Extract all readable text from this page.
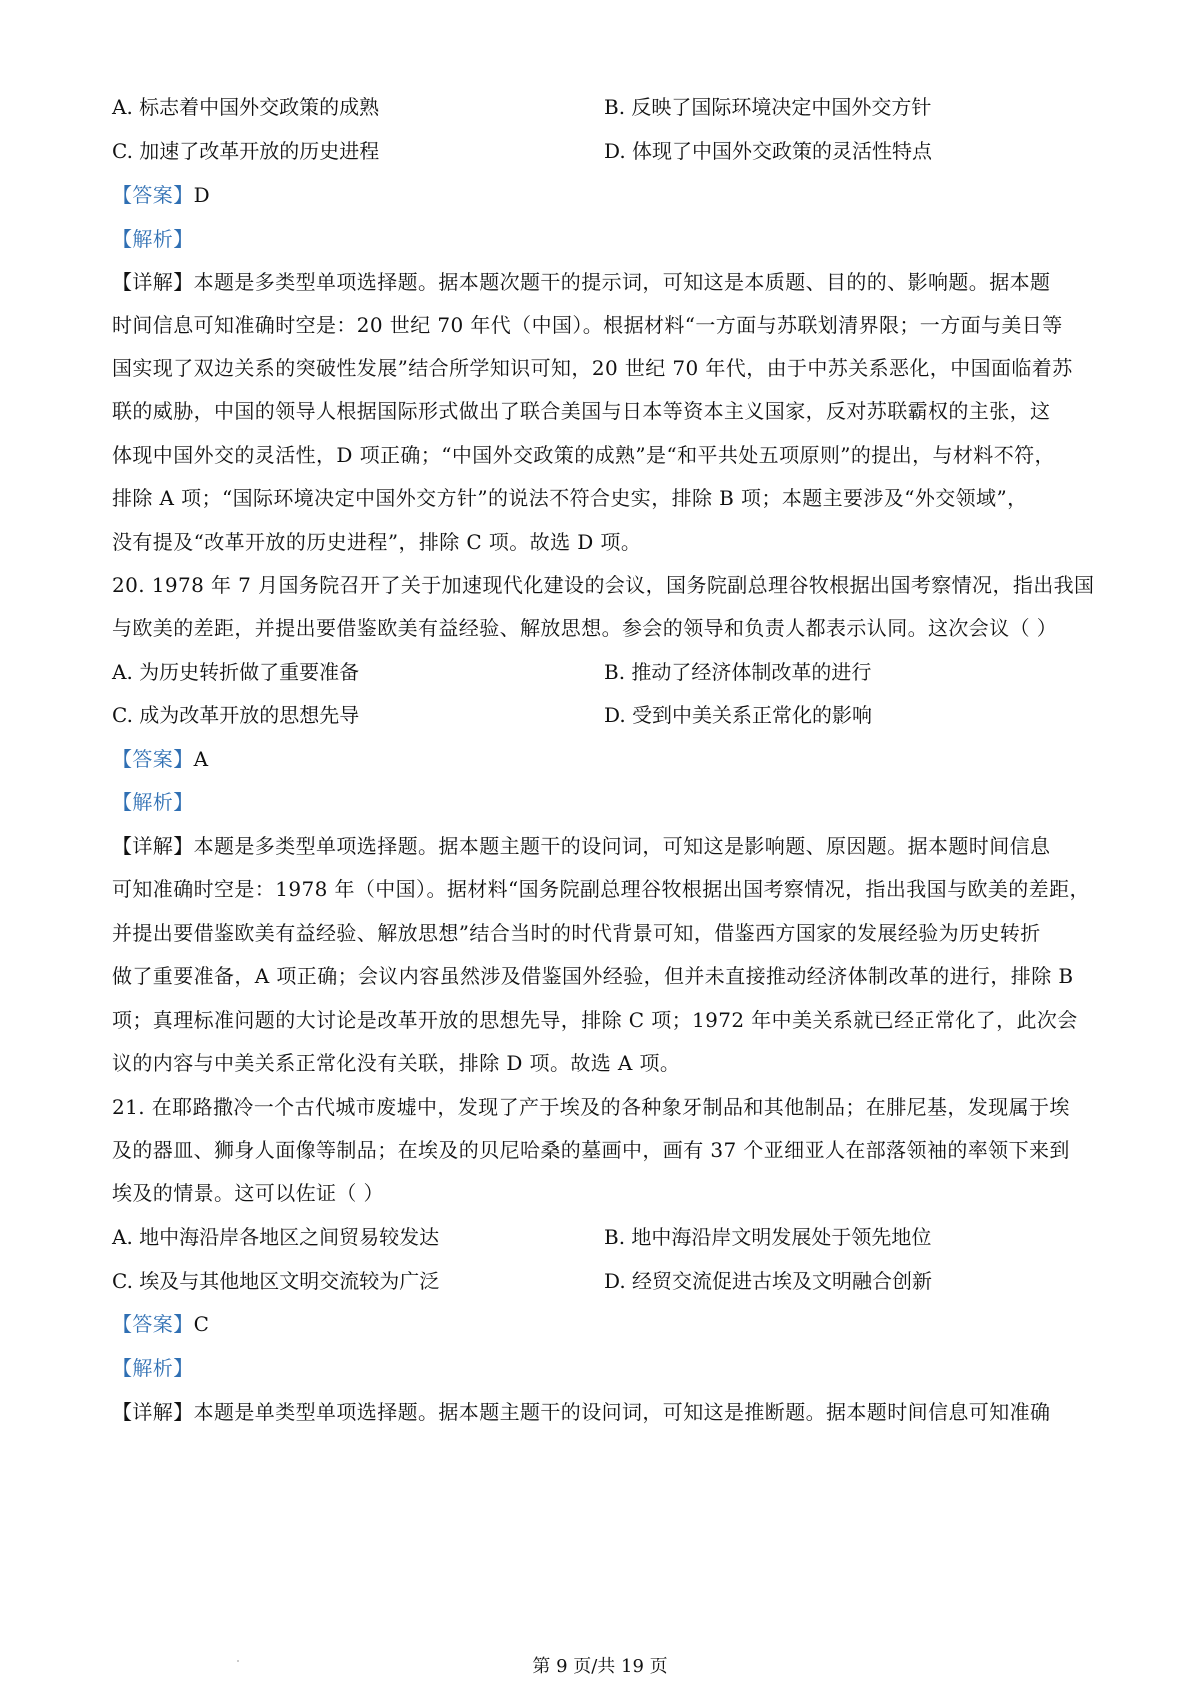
A. 标志着中国外交政策的成熟	B. 反映了国际环境决定中国外交方针
C. 加速了改革开放的历史进程	D. 体现了中国外交政策的灵活性特点
【答案】D
【解析】
【详解】本题是多类型单项选择题。据本题次题干的提示词，可知这是本质题、目的的、影响题。据本题
时间信息可知准确时空是：20 世纪 70 年代（中国）。根据材料“一方面与苏联划清界限；一方面与美日等
国实现了双边关系的突破性发展”结合所学知识可知，20 世纪 70 年代，由于中苏关系恶化，中国面临着苏
联的威胁，中国的领导人根据国际形式做出了联合美国与日本等资本主义国家，反对苏联霸权的主张，这
体现中国外交的灵活性，D 项正确；“中国外交政策的成熟”是“和平共处五项原则”的提出，与材料不符，
排除 A 项；“国际环境决定中国外交方针”的说法不符合史实，排除 B 项；本题主要涉及“外交领域”，
没有提及“改革开放的历史进程”，排除 C 项。故选 D 项。
20. 1978 年 7 月国务院召开了关于加速现代化建设的会议，国务院副总理谷牧根据出国考察情况，指出我国
与欧美的差距，并提出要借鉴欧美有益经验、解放思想。参会的领导和负责人都表示认同。这次会议（ ）
A. 为历史转折做了重要准备	B. 推动了经济体制改革的进行
C. 成为改革开放的思想先导	D. 受到中美关系正常化的影响
【答案】A
【解析】
【详解】本题是多类型单项选择题。据本题主题干的设问词，可知这是影响题、原因题。据本题时间信息
可知准确时空是：1978 年（中国）。据材料“国务院副总理谷牧根据出国考察情况，指出我国与欧美的差距，
并提出要借鉴欧美有益经验、解放思想”结合当时的时代背景可知，借鉴西方国家的发展经验为历史转折
做了重要准备，A 项正确；会议内容虽然涉及借鉴国外经验，但并未直接推动经济体制改革的进行，排除 B
项；真理标准问题的大讨论是改革开放的思想先导，排除 C 项；1972 年中美关系就已经正常化了，此次会
议的内容与中美关系正常化没有关联，排除 D 项。故选 A 项。
21. 在耶路撒冷一个古代城市废墟中，发现了产于埃及的各种象牙制品和其他制品；在腓尼基，发现属于埃
及的器皿、狮身人面像等制品；在埃及的贝尼哈桑的墓画中，画有 37 个亚细亚人在部落领袖的率领下来到
埃及的情景。这可以佐证（ ）
A. 地中海沿岸各地区之间贸易较发达	B. 地中海沿岸文明发展处于领先地位
C. 埃及与其他地区文明交流较为广泛	D. 经贸交流促进古埃及文明融合创新
【答案】C
【解析】
【详解】本题是单类型单项选择题。据本题主题干的设问词，可知这是推断题。据本题时间信息可知准确
第 9 页/共 19 页
